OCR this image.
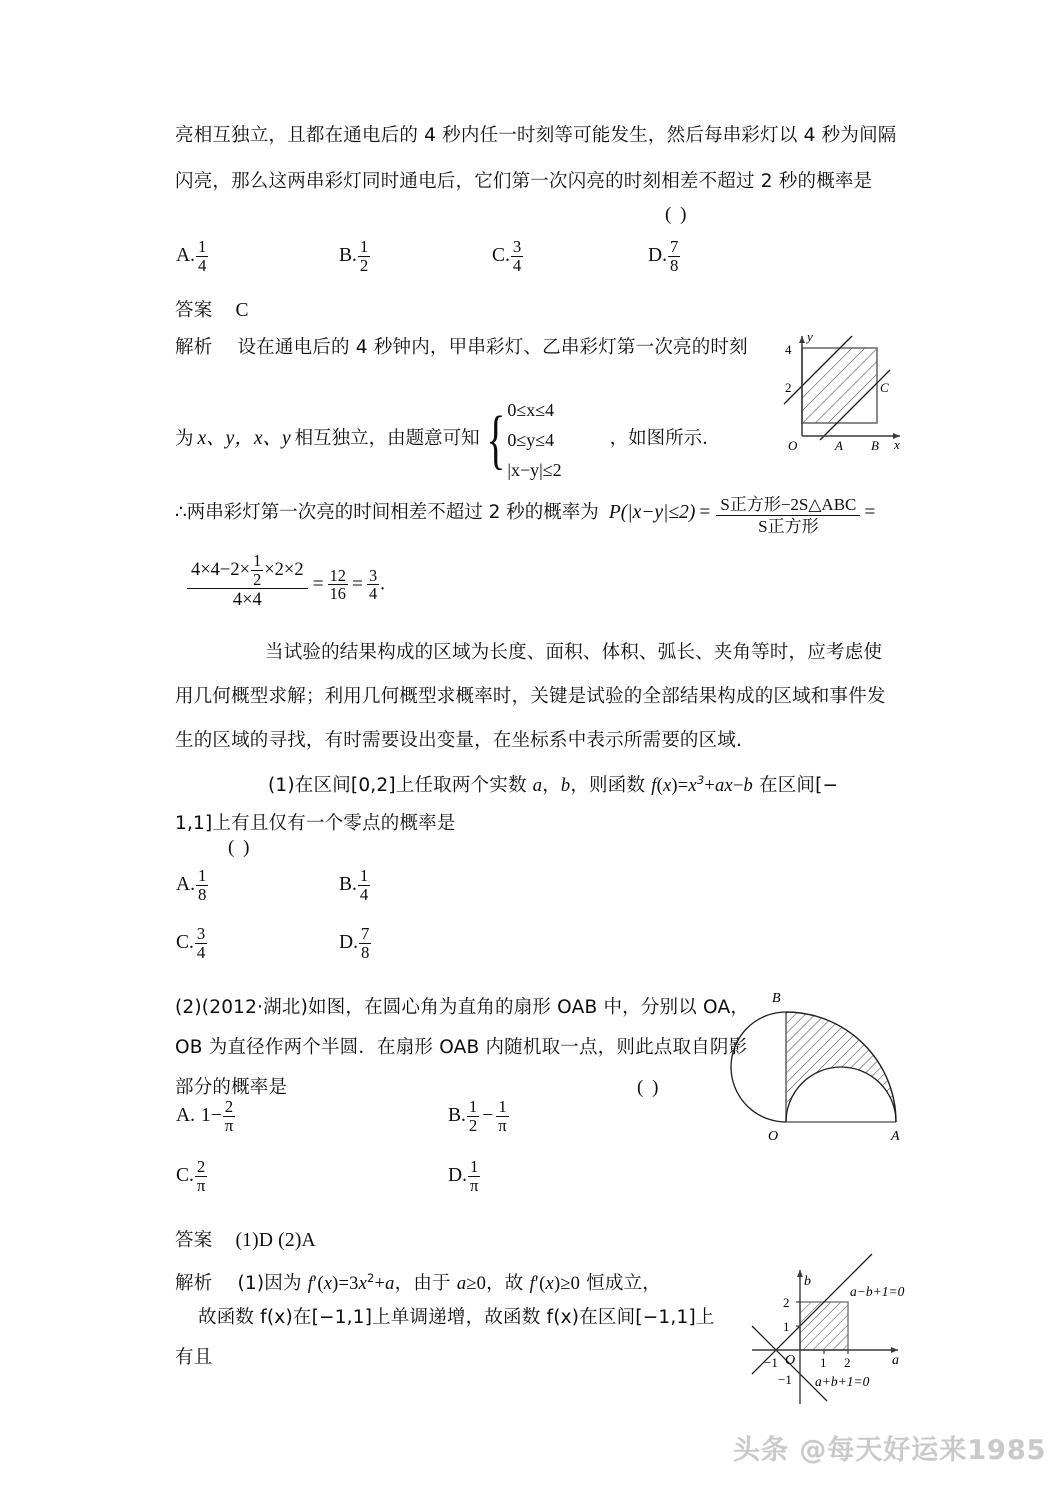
亮相互独立，且都在通电后的 4 秒内任一时刻等可能发生，然后每串彩灯以 4 秒为间隔
闪亮，那么这两串彩灯同时通电后，它们第一次闪亮的时刻相差不超过 2 秒的概率是
( )
A. $\frac{1}{4}$	B. $\frac{1}{2}$	C. $\frac{3}{4}$	D. $\frac{7}{8}$
答案 C
解析 设在通电后的 4 秒钟内，甲串彩灯、乙串彩灯第一次亮的时刻
为 x、y，x、y 相互独立，由题意可知 { 0≤x≤4
0≤y≤4
|x−y|≤2
，如图所示．
y
x
O
4
2
A B
C
∴两串彩灯第一次亮的时间相差不超过 2 秒的概率为 $P(|x-y|\le 2) = \frac{\text{S正方形−2S△ABC}}{\text{S正方形}}$ =
$\frac{4\times 4-2\times \frac{1}{2} \times 2\times 2}{4\times 4} = \frac{12}{16} = \frac{3}{4}$ .
当试验的结果构成的区域为长度、面积、体积、弧长、夹角等时，应考虑使
用几何概型求解；利用几何概型求概率时，关键是试验的全部结果构成的区域和事件发
生的区域的寻找，有时需要设出变量，在坐标系中表示所需要的区域.
(1)在区间[0,2]上任取两个实数 a，b，则函数 $f(x)=x^3+ax-b$ 在区间[−
1,1]上有且仅有一个零点的概率是
( )
A. $\frac{1}{8}$	B. $\frac{1}{4}$
C. $\frac{3}{4}$	D. $\frac{7}{8}$
(2)(2012·湖北)如图，在圆心角为直角的扇形 OAB 中，分别以 OA，
OB 为直径作两个半圆．在扇形 OAB 内随机取一点，则此点取自阴影
部分的概率是	( )
O	A
B
A. $1- \frac{2}{\pi}$	B. $\frac{1}{2} - \frac{1}{\pi}$
C. $\frac{2}{\pi}$	D. $\frac{1}{\pi}$
答案 (1)D (2)A
解析 (1)因为 $f'(x)=3x^2+a$，由于 a≥0，故 f′(x)≥0 恒成立，
故函数 f(x)在[−1,1]上单调递增，故函数 f(x)在区间[−1,1]上
有且
b
a
O
2
1
1 2
−1
−1
a−b+1=0
a+b+1=0
头条 @每天好运来1985
